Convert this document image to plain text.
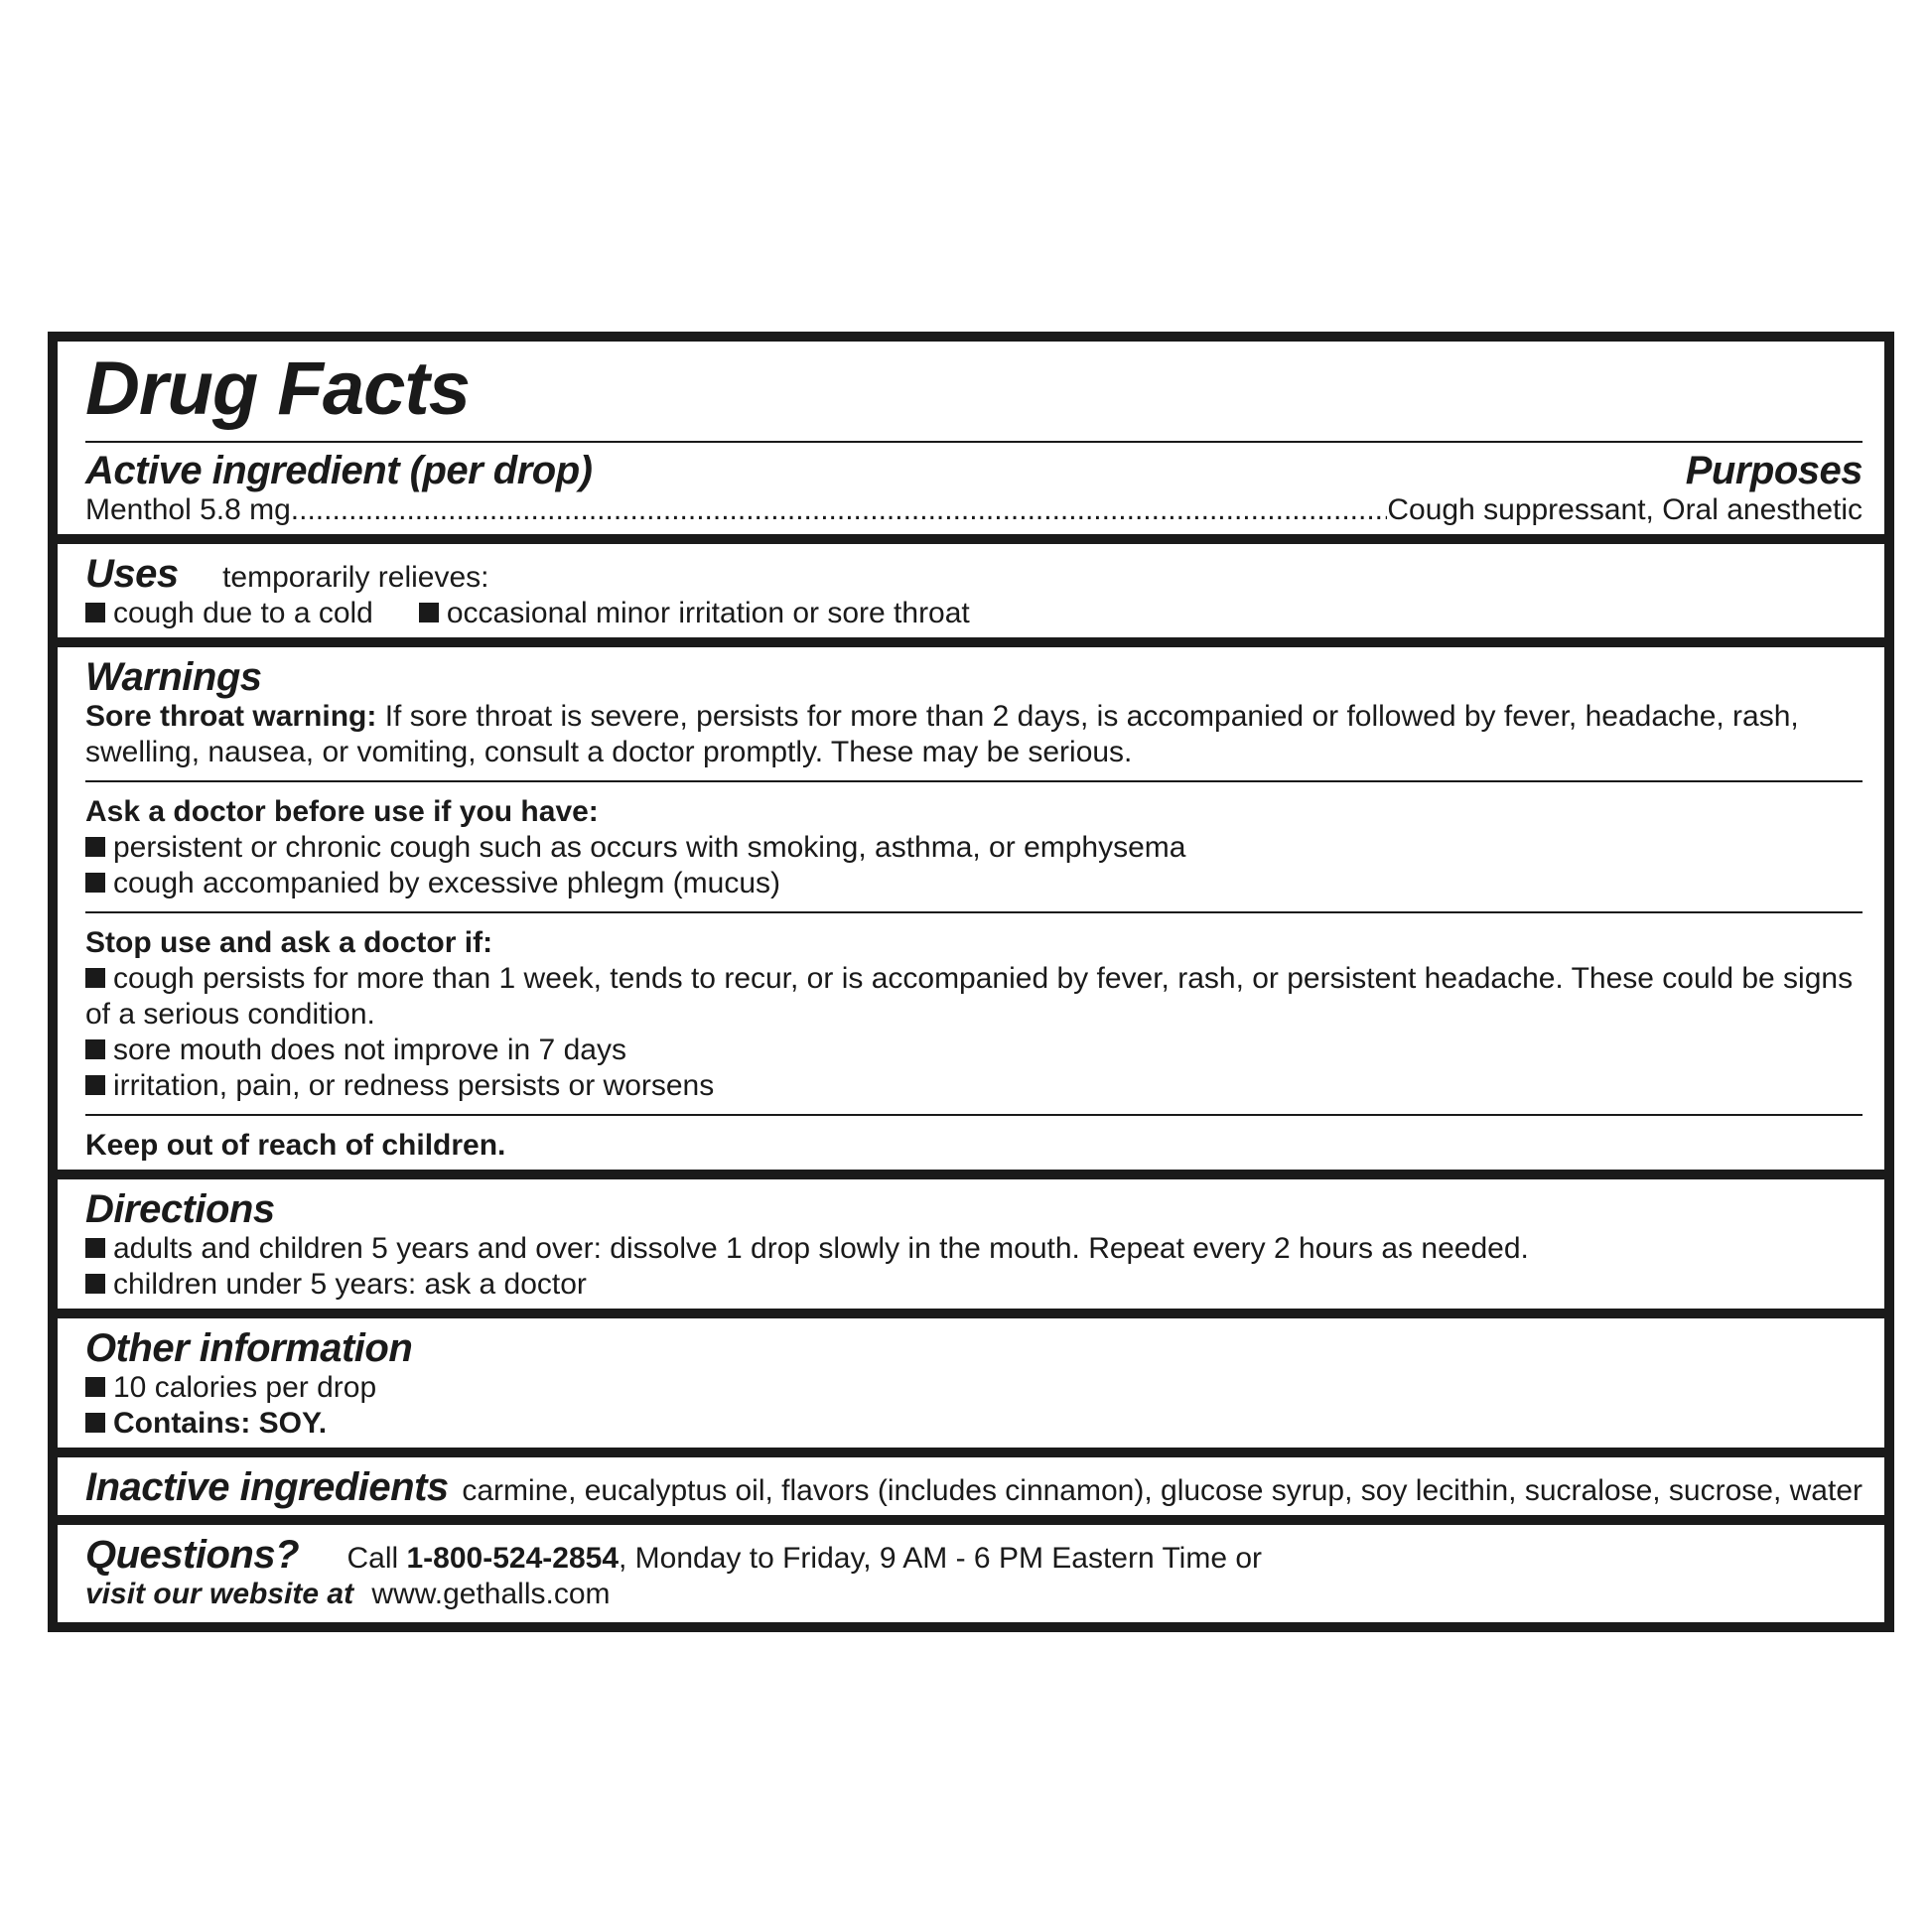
Drug Facts
Active ingredient (per drop)	Purposes
Menthol 5.8 mg
.....	Cough suppressant, Oral anesthetic
Uses temporarily relieves:
cough due to a cold occasional minor irritation or sore throat
Warnings
Sore throat warning: If sore throat is severe, persists for more than 2 days, is accompanied or followed by fever, headache, rash, swelling, nausea, or vomiting, consult a doctor promptly. These may be serious.
Ask a doctor before use if you have:
persistent or chronic cough such as occurs with smoking, asthma, or emphysema
cough accompanied by excessive phlegm (mucus)
Stop use and ask a doctor if:
cough persists for more than 1 week, tends to recur, or is accompanied by fever, rash, or persistent headache. These could be signs of a serious condition.
sore mouth does not improve in 7 days
irritation, pain, or redness persists or worsens
Keep out of reach of children.
Directions
adults and children 5 years and over: dissolve 1 drop slowly in the mouth. Repeat every 2 hours as needed.
children under 5 years: ask a doctor
Other information
10 calories per drop
Contains: SOY.
Inactive ingredients carmine, eucalyptus oil, flavors (includes cinnamon), glucose syrup, soy lecithin, sucralose, sucrose, water
Questions? Call 1-800-524-2854, Monday to Friday, 9 AM - 6 PM Eastern Time or
visit our website at www.gethalls.com
